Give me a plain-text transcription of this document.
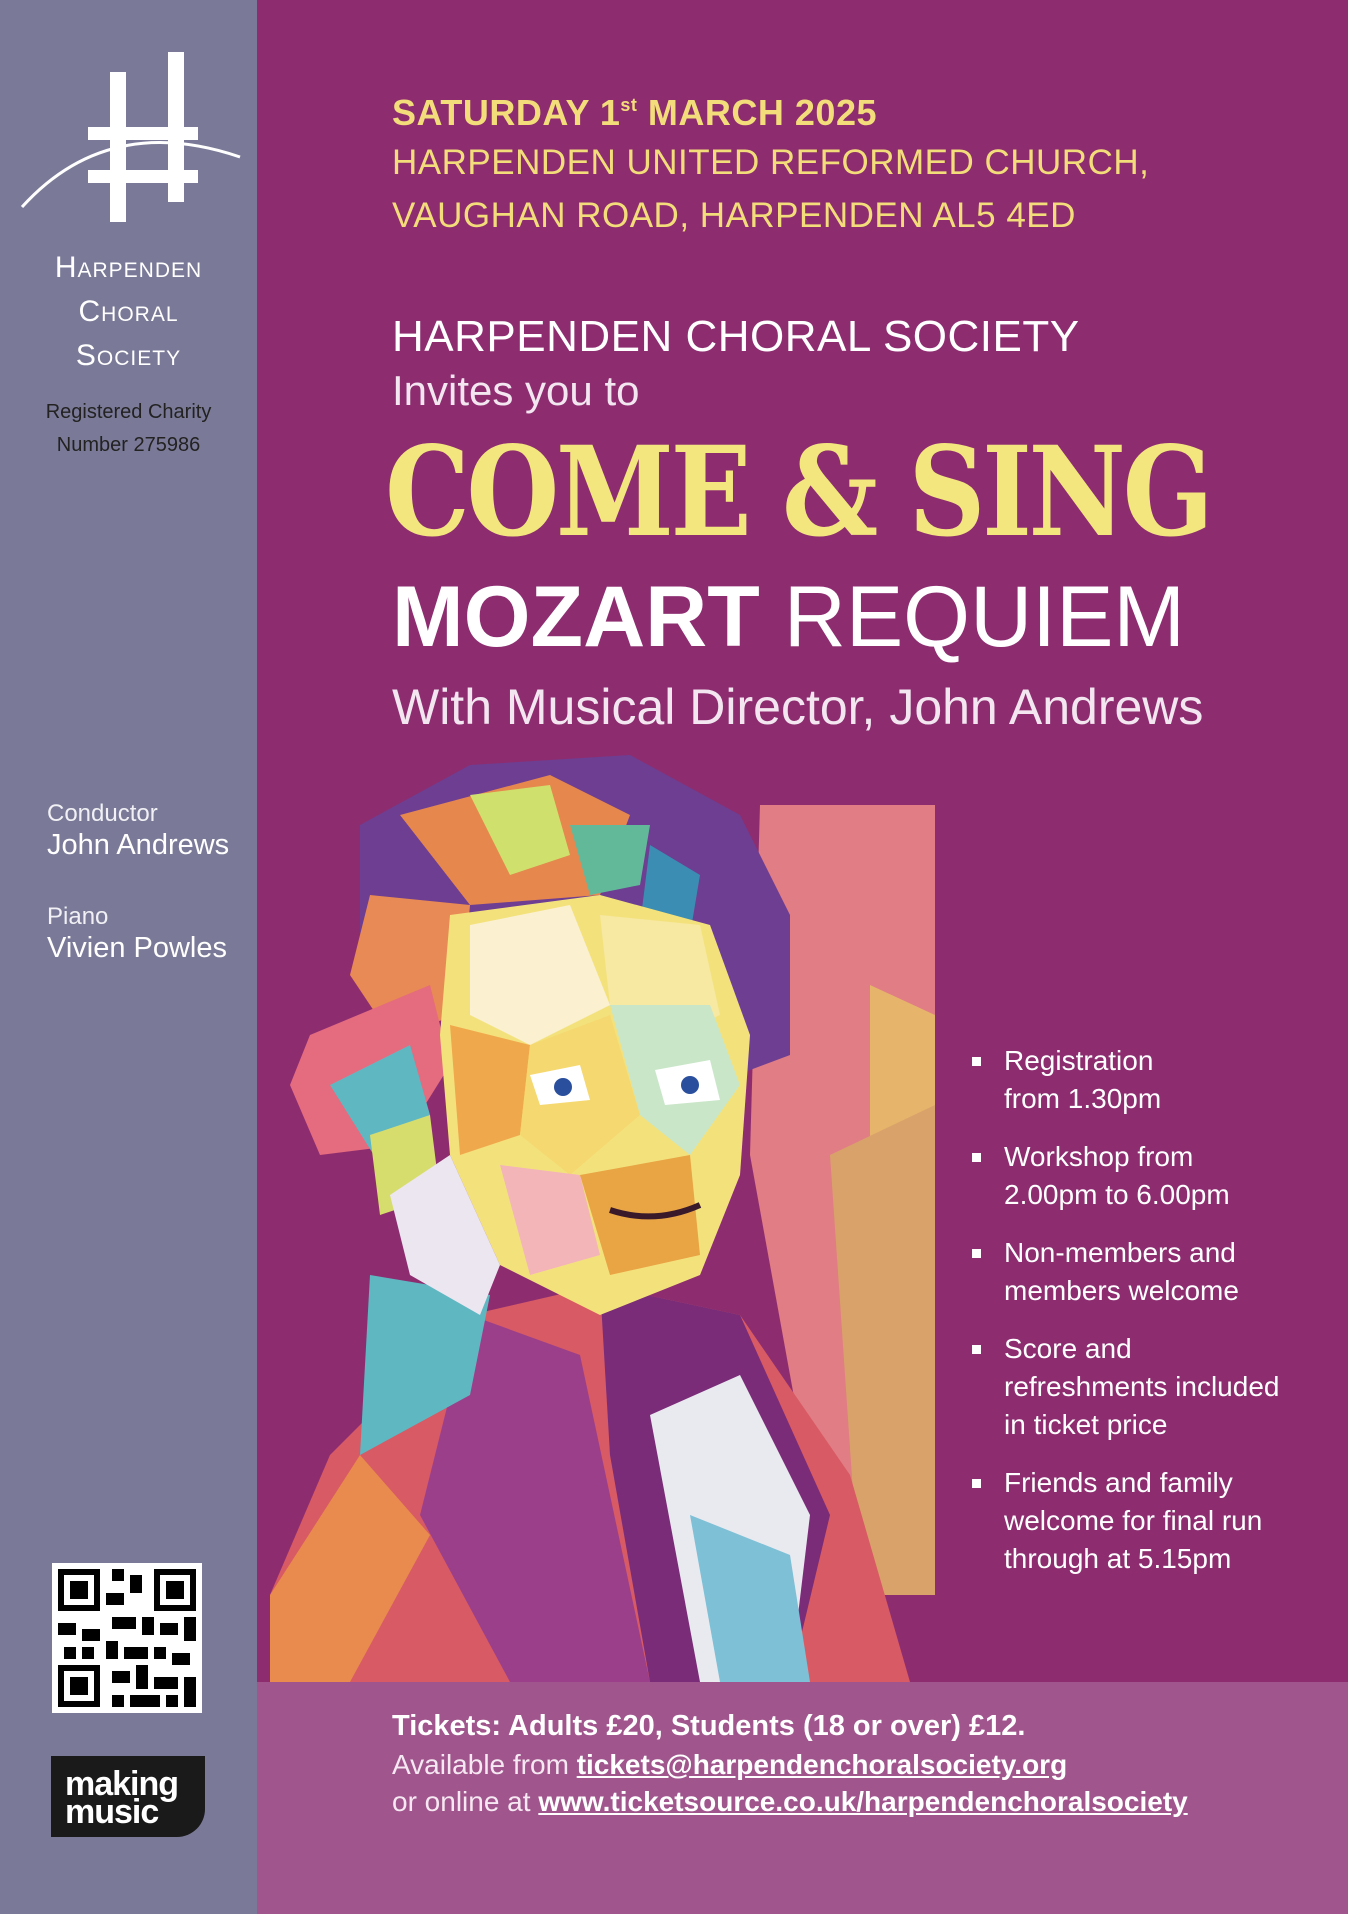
Harpenden
Choral
Society
Registered Charity
Number 275986
Conductor
John Andrews
Piano
Vivien Powles
making
music
SATURDAY 1st MARCH 2025
HARPENDEN UNITED REFORMED CHURCH,
VAUGHAN ROAD, HARPENDEN AL5 4ED
HARPENDEN CHORAL SOCIETY
Invites you to
COME & SING
MOZART REQUIEM
With Musical Director, John Andrews
Registration
from 1.30pm
Workshop from
2.00pm to 6.00pm
Non-members and
members welcome
Score and
refreshments included
in ticket price
Friends and family
welcome for final run
through at 5.15pm
Tickets: Adults £20, Students (18 or over) £12.
Available from tickets@harpendenchoralsociety.org
or online at www.ticketsource.co.uk/harpendenchoralsociety
